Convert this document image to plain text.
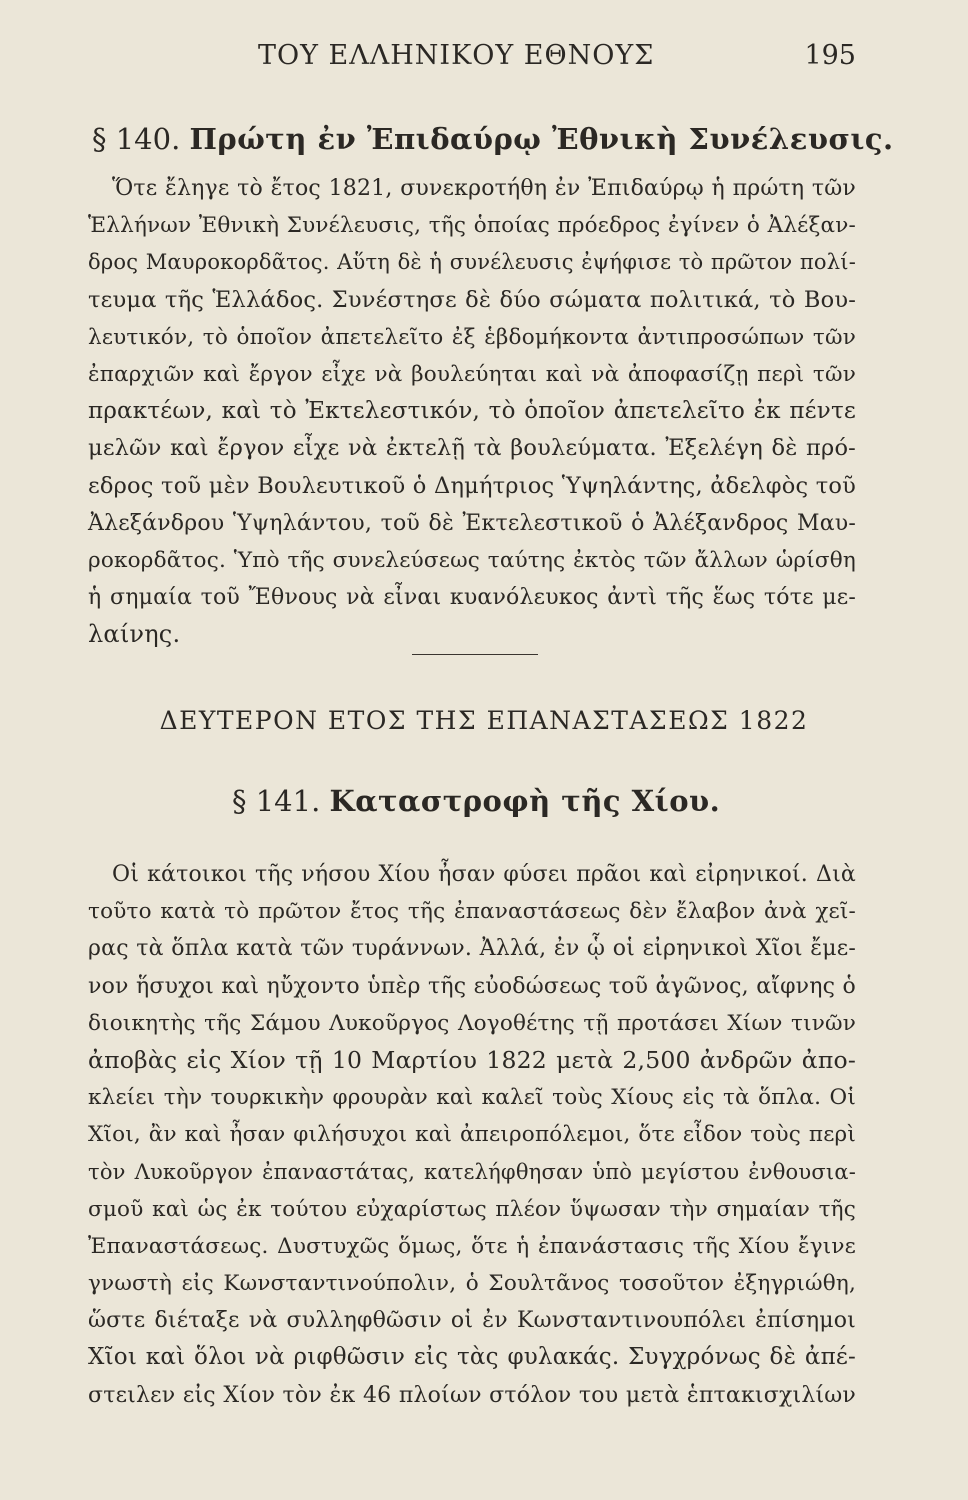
ΤΟΥ ΕΛΛΗΝΙΚΟΥ ΕΘΝΟΥΣ	195
§ 140. Πρώτη ἐν Ἐπιδαύρῳ Ἐθνικὴ Συνέλευσις.
Ὅτε ἔληγε τὸ ἔτος 1821, συνεκροτήθη ἐν Ἐπιδαύρῳ ἡ πρώτη τῶν
Ἑλλήνων Ἐθνικὴ Συνέλευσις, τῆς ὁποίας πρόεδρος ἐγίνεν ὁ Ἀλέξαν-
δρος Μαυροκορδᾶτος. Αὕτη δὲ ἡ συνέλευσις ἐψήφισε τὸ πρῶτον πολί-
τευμα τῆς Ἑλλάδος. Συνέστησε δὲ δύο σώματα πολιτικά, τὸ Βου-
λευτικόν, τὸ ὁποῖον ἀπετελεῖτο ἐξ ἑβδομήκοντα ἀντιπροσώπων τῶν
ἐπαρχιῶν καὶ ἔργον εἶχε νὰ βουλεύηται καὶ νὰ ἀποφασίζῃ περὶ τῶν
πρακτέων, καὶ τὸ Ἐκτελεστικόν, τὸ ὁποῖον ἀπετελεῖτο ἐκ πέντε
μελῶν καὶ ἔργον εἶχε νὰ ἐκτελῇ τὰ βουλεύματα. Ἐξελέγη δὲ πρό-
εδρος τοῦ μὲν Βουλευτικοῦ ὁ Δημήτριος Ὑψηλάντης, ἀδελφὸς τοῦ
Ἀλεξάνδρου Ὑψηλάντου, τοῦ δὲ Ἐκτελεστικοῦ ὁ Ἀλέξανδρος Μαυ-
ροκορδᾶτος. Ὑπὸ τῆς συνελεύσεως ταύτης ἐκτὸς τῶν ἄλλων ὡρίσθη
ἡ σημαία τοῦ Ἔθνους νὰ εἶναι κυανόλευκος ἀντὶ τῆς ἕως τότε με-
λαίνης.
ΔΕΥΤΕΡΟΝ ΕΤΟΣ ΤΗΣ ΕΠΑΝΑΣΤΑΣΕΩΣ 1822
§ 141. Καταστροφὴ τῆς Χίου.
Οἱ κάτοικοι τῆς νήσου Χίου ἦσαν φύσει πρᾶοι καὶ εἰρηνικοί. Διὰ
τοῦτο κατὰ τὸ πρῶτον ἔτος τῆς ἐπαναστάσεως δὲν ἔλαβον ἀνὰ χεῖ-
ρας τὰ ὅπλα κατὰ τῶν τυράννων. Ἀλλά, ἐν ᾧ οἱ εἰρηνικοὶ Χῖοι ἔμε-
νον ἥσυχοι καὶ ηὔχοντο ὑπὲρ τῆς εὐοδώσεως τοῦ ἀγῶνος, αἴφνης ὁ
διοικητὴς τῆς Σάμου Λυκοῦργος Λογοθέτης τῇ προτάσει Χίων τινῶν
ἀποβὰς εἰς Χίον τῇ 10 Μαρτίου 1822 μετὰ 2,500 ἀνδρῶν ἀπο-
κλείει τὴν τουρκικὴν φρουρὰν καὶ καλεῖ τοὺς Χίους εἰς τὰ ὅπλα. Οἱ
Χῖοι, ἂν καὶ ἦσαν φιλήσυχοι καὶ ἀπειροπόλεμοι, ὅτε εἶδον τοὺς περὶ
τὸν Λυκοῦργον ἐπαναστάτας, κατελήφθησαν ὑπὸ μεγίστου ἐνθουσια-
σμοῦ καὶ ὡς ἐκ τούτου εὐχαρίστως πλέον ὕψωσαν τὴν σημαίαν τῆς
Ἐπαναστάσεως. Δυστυχῶς ὅμως, ὅτε ἡ ἐπανάστασις τῆς Χίου ἔγινε
γνωστὴ εἰς Κωνσταντινούπολιν, ὁ Σουλτᾶνος τοσοῦτον ἐξηγριώθη,
ὥστε διέταξε νὰ συλληφθῶσιν οἱ ἐν Κωνσταντινουπόλει ἐπίσημοι
Χῖοι καὶ ὅλοι νὰ ριφθῶσιν εἰς τὰς φυλακάς. Συγχρόνως δὲ ἀπέ-
στειλεν εἰς Χίον τὸν ἐκ 46 πλοίων στόλον του μετὰ ἑπτακισχιλίων
